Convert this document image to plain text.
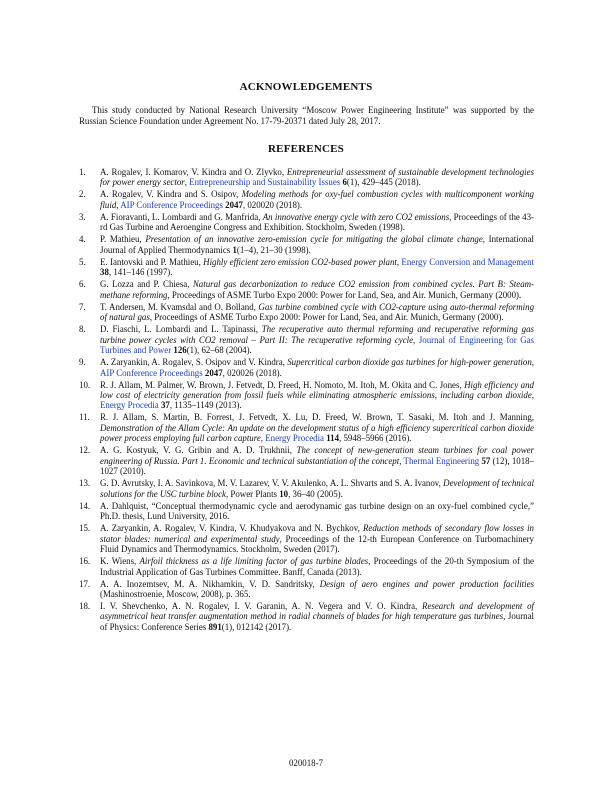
ACKNOWLEDGEMENTS

This study conducted by National Research University “Moscow Power Engineering Institute” was supported by the Russian Science Foundation under Agreement No. 17-79-20371 dated July 28, 2017.

REFERENCES
1. A. Rogalev, I. Komarov, V. Kindra and O. Zlyvko, Entrepreneurial assessment of sustainable development technologies for power energy sector, Entrepreneurship and Sustainability Issues 6(1), 429–445 (2018).
2. A. Rogalev, V. Kindra and S. Osipov, Modeling methods for oxy-fuel combustion cycles with multicomponent working fluid, AIP Conference Proceedings 2047, 020020 (2018).
3. A. Fioravanti, L. Lombardi and G. Manfrida, An innovative energy cycle with zero CO2 emissions, Proceedings of the 43-rd Gas Turbine and Aeroengine Congress and Exhibition. Stockholm, Sweden (1998).
4. P. Mathieu, Presentation of an innovative zero-emission cycle for mitigating the global climate change, International Journal of Applied Thermodynamics 1(1–4), 21–30 (1998).
5. E. Iantovski and P. Mathieu, Highly efficient zero emission CO2-based power plant, Energy Conversion and Management 38, 141–146 (1997).
6. G. Lozza and P. Chiesa, Natural gas decarbonization to reduce CO2 emission from combined cycles. Part B: Steam-methane reforming, Proceedings of ASME Turbo Expo 2000: Power for Land, Sea, and Air. Munich, Germany (2000).
7. T. Andersen, M. Kvamsdal and O. Bolland, Gas turbine combined cycle with CO2-capture using auto-thermal reforming of natural gas, Proceedings of ASME Turbo Expo 2000: Power for Land, Sea, and Air. Munich, Germany (2000).
8. D. Fiaschi, L. Lombardi and L. Tapinassi, The recuperative auto thermal reforming and recuperative reforming gas turbine power cycles with CO2 removal – Part II: The recuperative reforming cycle, Journal of Engineering for Gas Turbines and Power 126(1), 62–68 (2004).
9. A. Zaryankin, A. Rogalev, S. Osipov and V. Kindra, Supercritical carbon dioxide gas turbines for high-power generation, AIP Conference Proceedings 2047, 020026 (2018).
10. R. J. Allam, M. Palmer, W. Brown, J. Fetvedt, D. Freed, H. Nomoto, M. Itoh, M. Okita and C. Jones, High efficiency and low cost of electricity generation from fossil fuels while eliminating atmospheric emissions, including carbon dioxide, Energy Procedia 37, 1135–1149 (2013).
11. R. J. Allam, S. Martin, B. Forrest, J. Fetvedt, X. Lu, D. Freed, W. Brown, T. Sasaki, M. Itoh and J. Manning, Demonstration of the Allam Cycle: An update on the development status of a high efficiency supercritical carbon dioxide power process employing full carbon capture, Energy Procedia 114, 5948–5966 (2016).
12. A. G. Kostyuk, V. G. Gribin and A. D. Trukhnii, The concept of new-generation steam turbines for coal power engineering of Russia. Part 1. Economic and technical substantiation of the concept, Thermal Engineering 57 (12), 1018–1027 (2010).
13. G. D. Avrutsky, I. A. Savinkova, M. V. Lazarev, V. V. Akulenko, A. L. Shvarts and S. A. Ivanov, Development of technical solutions for the USC turbine block, Power Plants 10, 36–40 (2005).
14. A. Dahlquist, “Conceptual thermodynamic cycle and aerodynamic gas turbine design on an oxy-fuel combined cycle,” Ph.D. thesis, Lund University, 2016.
15. A. Zaryankin, A. Rogalev, V. Kindra, V. Khudyakova and N. Bychkov, Reduction methods of secondary flow losses in stator blades: numerical and experimental study, Proceedings of the 12-th European Conference on Turbomachinery Fluid Dynamics and Thermodynamics. Stockholm, Sweden (2017).
16. K. Wiens, Airfoil thickness as a life limiting factor of gas turbine blades, Proceedings of the 20-th Symposium of the Industrial Application of Gas Turbines Committee. Banff, Canada (2013).
17. A. A. Inozemtsev, M. A. Nikhamkin, V. D. Sandritsky, Design of aero engines and power production facilities (Mashinostroenie, Moscow, 2008), p. 365.
18. I. V. Shevchenko, A. N. Rogalev, I. V. Garanin, A. N. Vegera and V. O. Kindra, Research and development of asymmetrical heat transfer augmentation method in radial channels of blades for high temperature gas turbines, Journal of Physics: Conference Series 891(1), 012142 (2017).
020018-7
